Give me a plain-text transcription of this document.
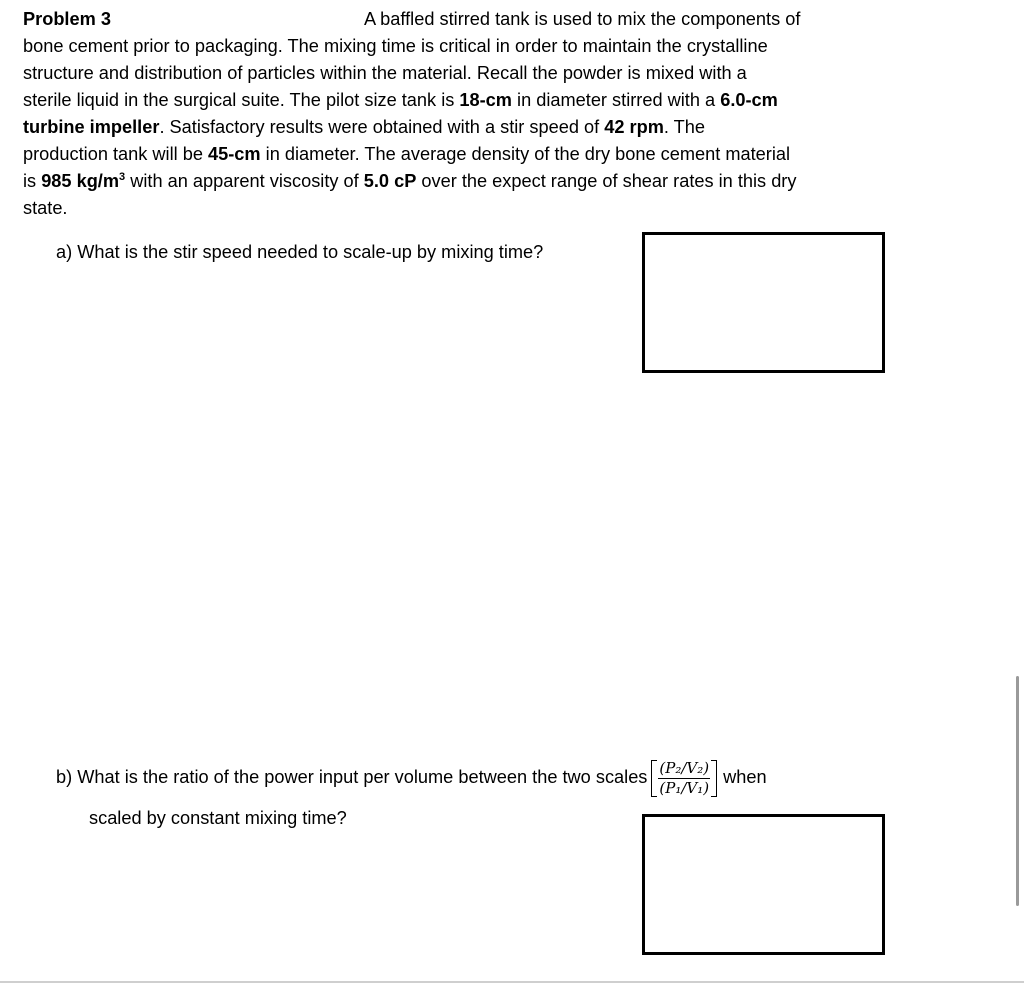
Problem 3	A baffled stirred tank is used to mix the components of
bone cement prior to packaging. The mixing time is critical in order to maintain the crystalline
structure and distribution of particles within the material. Recall the powder is mixed with a
sterile liquid in the surgical suite. The pilot size tank is 18-cm in diameter stirred with a 6.0-cm
turbine impeller. Satisfactory results were obtained with a stir speed of 42 rpm. The
production tank will be 45-cm in diameter. The average density of the dry bone cement material
is 985 $kg/m^3$ with an apparent viscosity of 5.0 cP over the expect range of shear rates in this dry
state.
a) What is the stir speed needed to scale-up by mixing time?
b) What is the ratio of the power input per volume between the two scales $\frac{\text{(P₂/V₂)}}{\text{(P₁/V₁)}}$ when
scaled by constant mixing time?
